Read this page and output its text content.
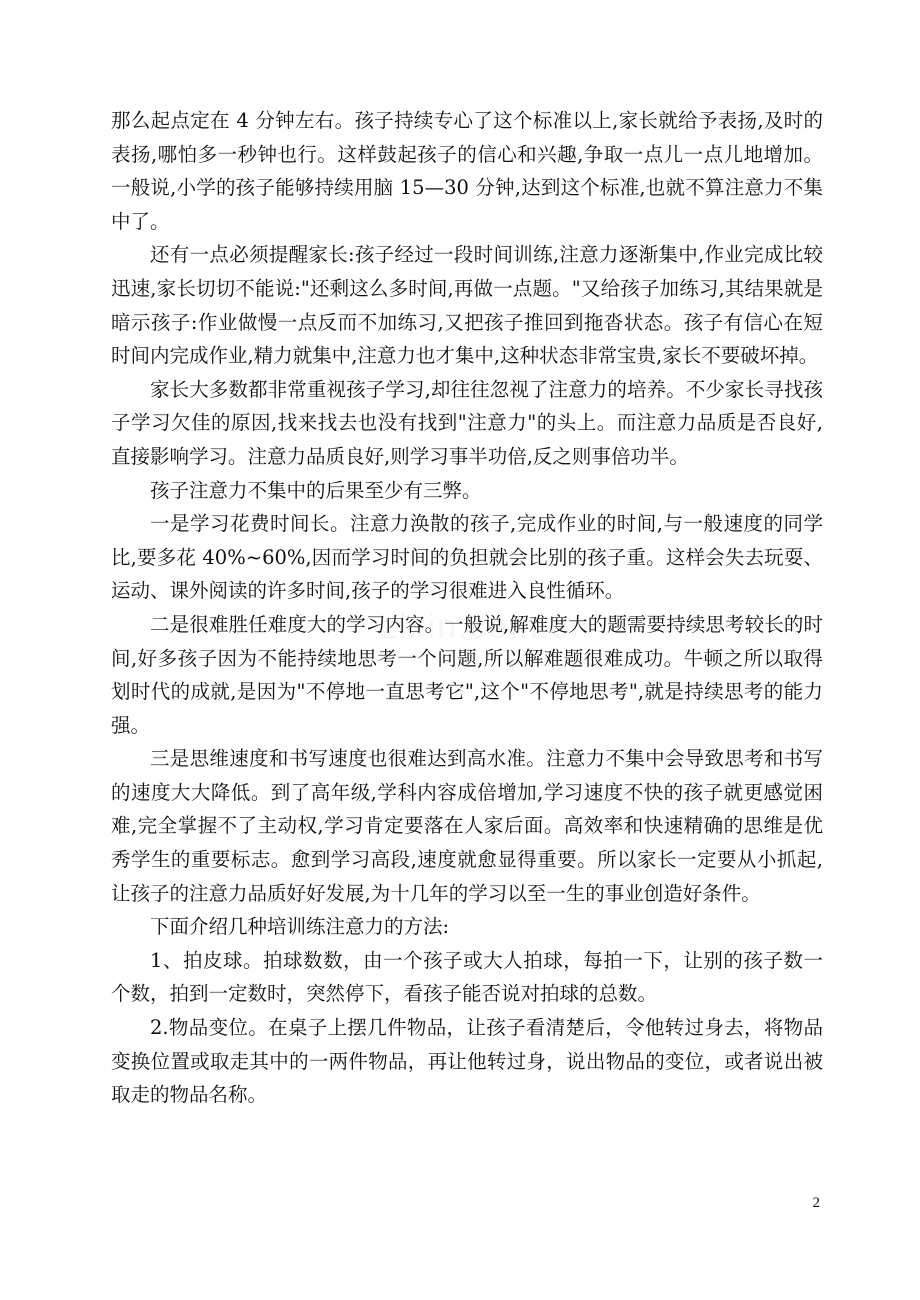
那么起点定在 4 分钟左右。孩子持续专心了这个标准以上,家长就给予表扬,及时的表扬,哪怕多一秒钟也行。这样鼓起孩子的信心和兴趣,争取一点儿一点儿地增加。一般说,小学的孩子能够持续用脑 15—30 分钟,达到这个标准,也就不算注意力不集中了。

还有一点必须提醒家长:孩子经过一段时间训练,注意力逐渐集中,作业完成比较迅速,家长切切不能说:"还剩这么多时间,再做一点题。"又给孩子加练习,其结果就是暗示孩子:作业做慢一点反而不加练习,又把孩子推回到拖沓状态。孩子有信心在短时间内完成作业,精力就集中,注意力也才集中,这种状态非常宝贵,家长不要破坏掉。

家长大多数都非常重视孩子学习,却往往忽视了注意力的培养。不少家长寻找孩子学习欠佳的原因,找来找去也没有找到"注意力"的头上。而注意力品质是否良好,直接影响学习。注意力品质良好,则学习事半功倍,反之则事倍功半。

孩子注意力不集中的后果至少有三弊。

一是学习花费时间长。注意力涣散的孩子,完成作业的时间,与一般速度的同学比,要多花 40%~60%,因而学习时间的负担就会比别的孩子重。这样会失去玩耍、运动、课外阅读的许多时间,孩子的学习很难进入良性循环。

二是很难胜任难度大的学习内容。一般说,解难度大的题需要持续思考较长的时间,好多孩子因为不能持续地思考一个问题,所以解难题很难成功。牛顿之所以取得划时代的成就,是因为"不停地一直思考它",这个"不停地思考",就是持续思考的能力强。

三是思维速度和书写速度也很难达到高水准。注意力不集中会导致思考和书写的速度大大降低。到了高年级,学科内容成倍增加,学习速度不快的孩子就更感觉困难,完全掌握不了主动权,学习肯定要落在人家后面。高效率和快速精确的思维是优秀学生的重要标志。愈到学习高段,速度就愈显得重要。所以家长一定要从小抓起,让孩子的注意力品质好好发展,为十几年的学习以至一生的事业创造好条件。

下面介绍几种培训练注意力的方法:

1、拍皮球。拍球数数，由一个孩子或大人拍球，每拍一下，让别的孩子数一个数，拍到一定数时，突然停下，看孩子能否说对拍球的总数。

2.物品变位。在桌子上摆几件物品，让孩子看清楚后，令他转过身去，将物品变换位置或取走其中的一两件物品，再让他转过身，说出物品的变位，或者说出被取走的物品名称。

2
